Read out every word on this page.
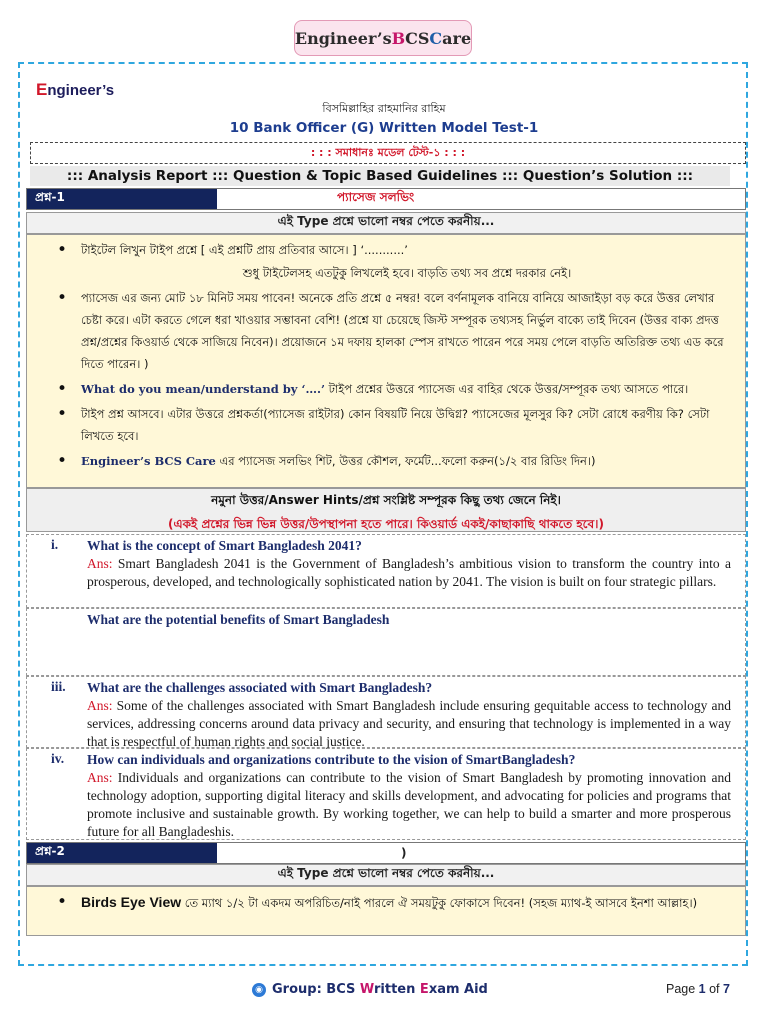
Engineer’s B CS C are
Engineer’s
বিসমিল্লাহির রাহমানির রাহিম
10 Bank Officer (G) Written Model Test-1
: : : সমাধানঃ মডেল টেস্ট-১ : : :
::: Analysis Report ::: Question & Topic Based Guidelines ::: Question’s Solution :::
প্রশ্ন-1	প্যাসেজ সলভিং
এই Type প্রশ্নে ভালো নম্বর পেতে করনীয়...
• টাইটেল লিখুন টাইপ প্রশ্নে [ এই প্রশ্নটি প্রায় প্রতিবার আসে। ] ‘...........’
শুধু টাইটেলসহ এতটুকু লিখলেই হবে। বাড়তি তথ্য সব প্রশ্নে দরকার নেই।
• প্যাসেজ এর জন্য মোট ১৮ মিনিট সময় পাবেন! অনেকে প্রতি প্রশ্নে ৫ নম্বর! বলে বর্ণনামূলক বানিয়ে বানিয়ে আজাইড়া বড় করে উত্তর লেখার চেষ্টা করে। এটা করতে গেলে ধরা খাওয়ার সম্ভাবনা বেশি! (প্রশ্নে যা চেয়েছে জিস্ট সম্পূরক তথ্যসহ নির্ভুল বাক্যে তাই দিবেন (উত্তর বাক্য প্রদত্ত প্রশ্ন/প্রশ্নের কিওয়ার্ড থেকে সাজিয়ে নিবেন)। প্রয়োজনে ১ম দফায় হালকা স্পেস রাখতে পারেন পরে সময় পেলে বাড়তি অতিরিক্ত তথ্য এড করে দিতে পারেন। )
• What do you mean/understand by ‘….’ টাইপ প্রশ্নের উত্তরে প্যাসেজ এর বাহির থেকে উত্তর/সম্পূরক তথ্য আসতে পারে।
• টাইপ প্রশ্ন আসবে। এটার উত্তরে প্রশ্নকর্তা(প্যাসেজ রাইটার) কোন বিষয়টি নিয়ে উদ্বিগ্ন? প্যাসেজের মূলসুর কি? সেটা রোধে করণীয় কি? সেটা লিখতে হবে।
• Engineer’s BCS Care এর প্যাসেজ সলভিং শিট, উত্তর কৌশল, ফর্মেট...ফলো করুন(১/২ বার রিডিং দিন।)
নমুনা উত্তর/Answer Hints/প্রশ্ন সংশ্লিষ্ট সম্পূরক কিছু তথ্য জেনে নিই।
(একই প্রশ্নের ভিন্ন ভিন্ন উত্তর/উপস্থাপনা হতে পারে। কিওয়ার্ড একই/কাছাকাছি থাকতে হবে।)
i.	What is the concept of Smart Bangladesh 2041?
Ans: Smart Bangladesh 2041 is the Government of Bangladesh’s ambitious vision to transform the country into a prosperous, developed, and technologically sophisticated nation by 2041. The vision is built on four strategic pillars.
What are the potential benefits of Smart Bangladesh
iii.	What are the challenges associated with Smart Bangladesh?
Ans: Some of the challenges associated with Smart Bangladesh include ensuring gequitable access to technology and services, addressing concerns around data privacy and security, and ensuring that technology is implemented in a way that is respectful of human rights and social justice.
iv.	How can individuals and organizations contribute to the vision of SmartBangladesh?
Ans: Individuals and organizations can contribute to the vision of Smart Bangladesh by promoting innovation and technology adoption, supporting digital literacy and skills development, and advocating for policies and programs that promote inclusive and sustainable growth. By working together, we can help to build a smarter and more prosperous future for all Bangladeshis.
প্রশ্ন-2	)
এই Type প্রশ্নে ভালো নম্বর পেতে করনীয়...
• Birds Eye View তে ম্যাথ ১/২ টা একদম অপরিচিত/নাই পারলে ঐ সময়টুকু ফোকাসে দিবেন! (সহজ ম্যাথ-ই আসবে ইনশা আল্লাহ।)
◉ Group: BCS Written Exam Aid	Page 1 of 7
